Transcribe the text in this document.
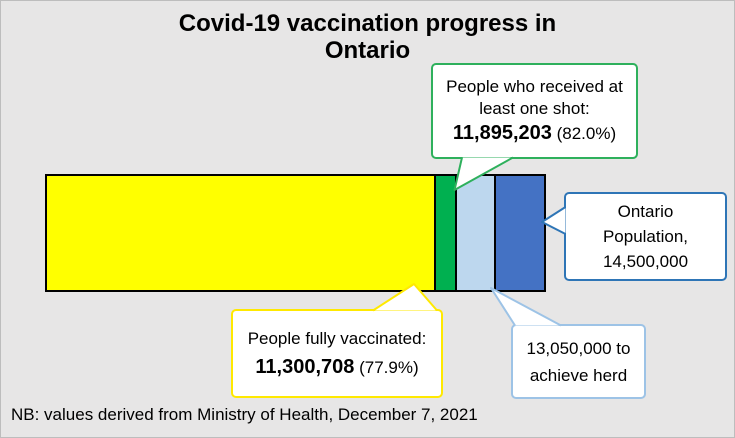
Covid-19 vaccination progress in
Ontario
People who received at
least one shot:
11,895,203 (82.0%)
Ontario
Population,
14,500,000
People fully vaccinated:
11,300,708 (77.9%)
13,050,000 to
achieve herd
NB: values derived from Ministry of Health, December 7, 2021
